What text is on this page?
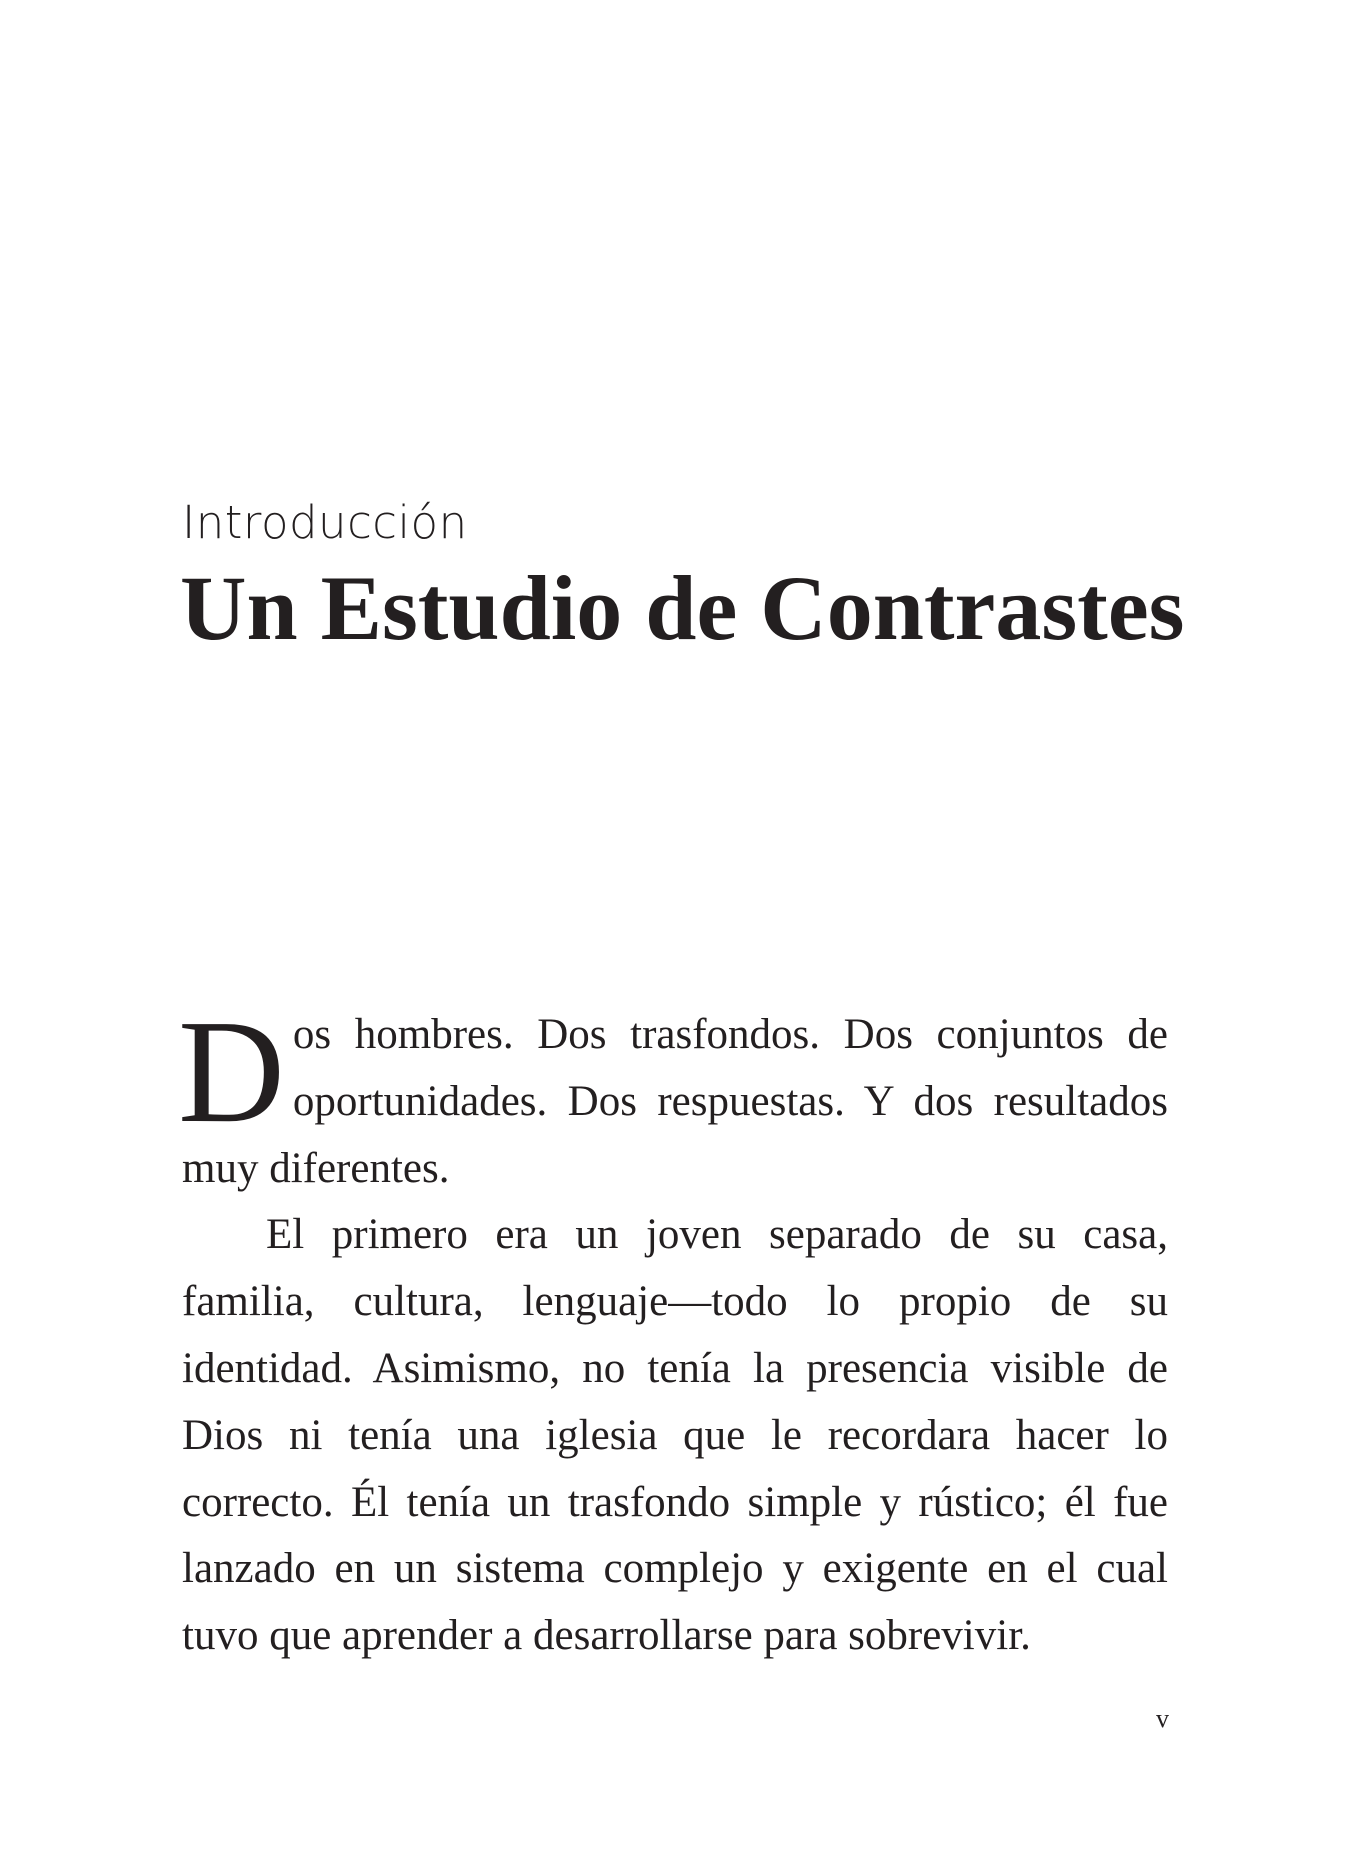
Introducción
Un Estudio de Contrastes

Dos hombres. Dos trasfondos. Dos conjuntos de oportunidades. Dos respuestas. Y dos resultados muy diferentes.

El primero era un joven separado de su casa, familia, cultura, lenguaje—todo lo propio de su identidad. Asimismo, no tenía la presencia visible de Dios ni tenía una iglesia que le recordara hacer lo correcto. Él tenía un trasfondo simple y rústico; él fue lanzado en un sistema complejo y exigente en el cual tuvo que aprender a desarrollarse para sobrevivir.

v
